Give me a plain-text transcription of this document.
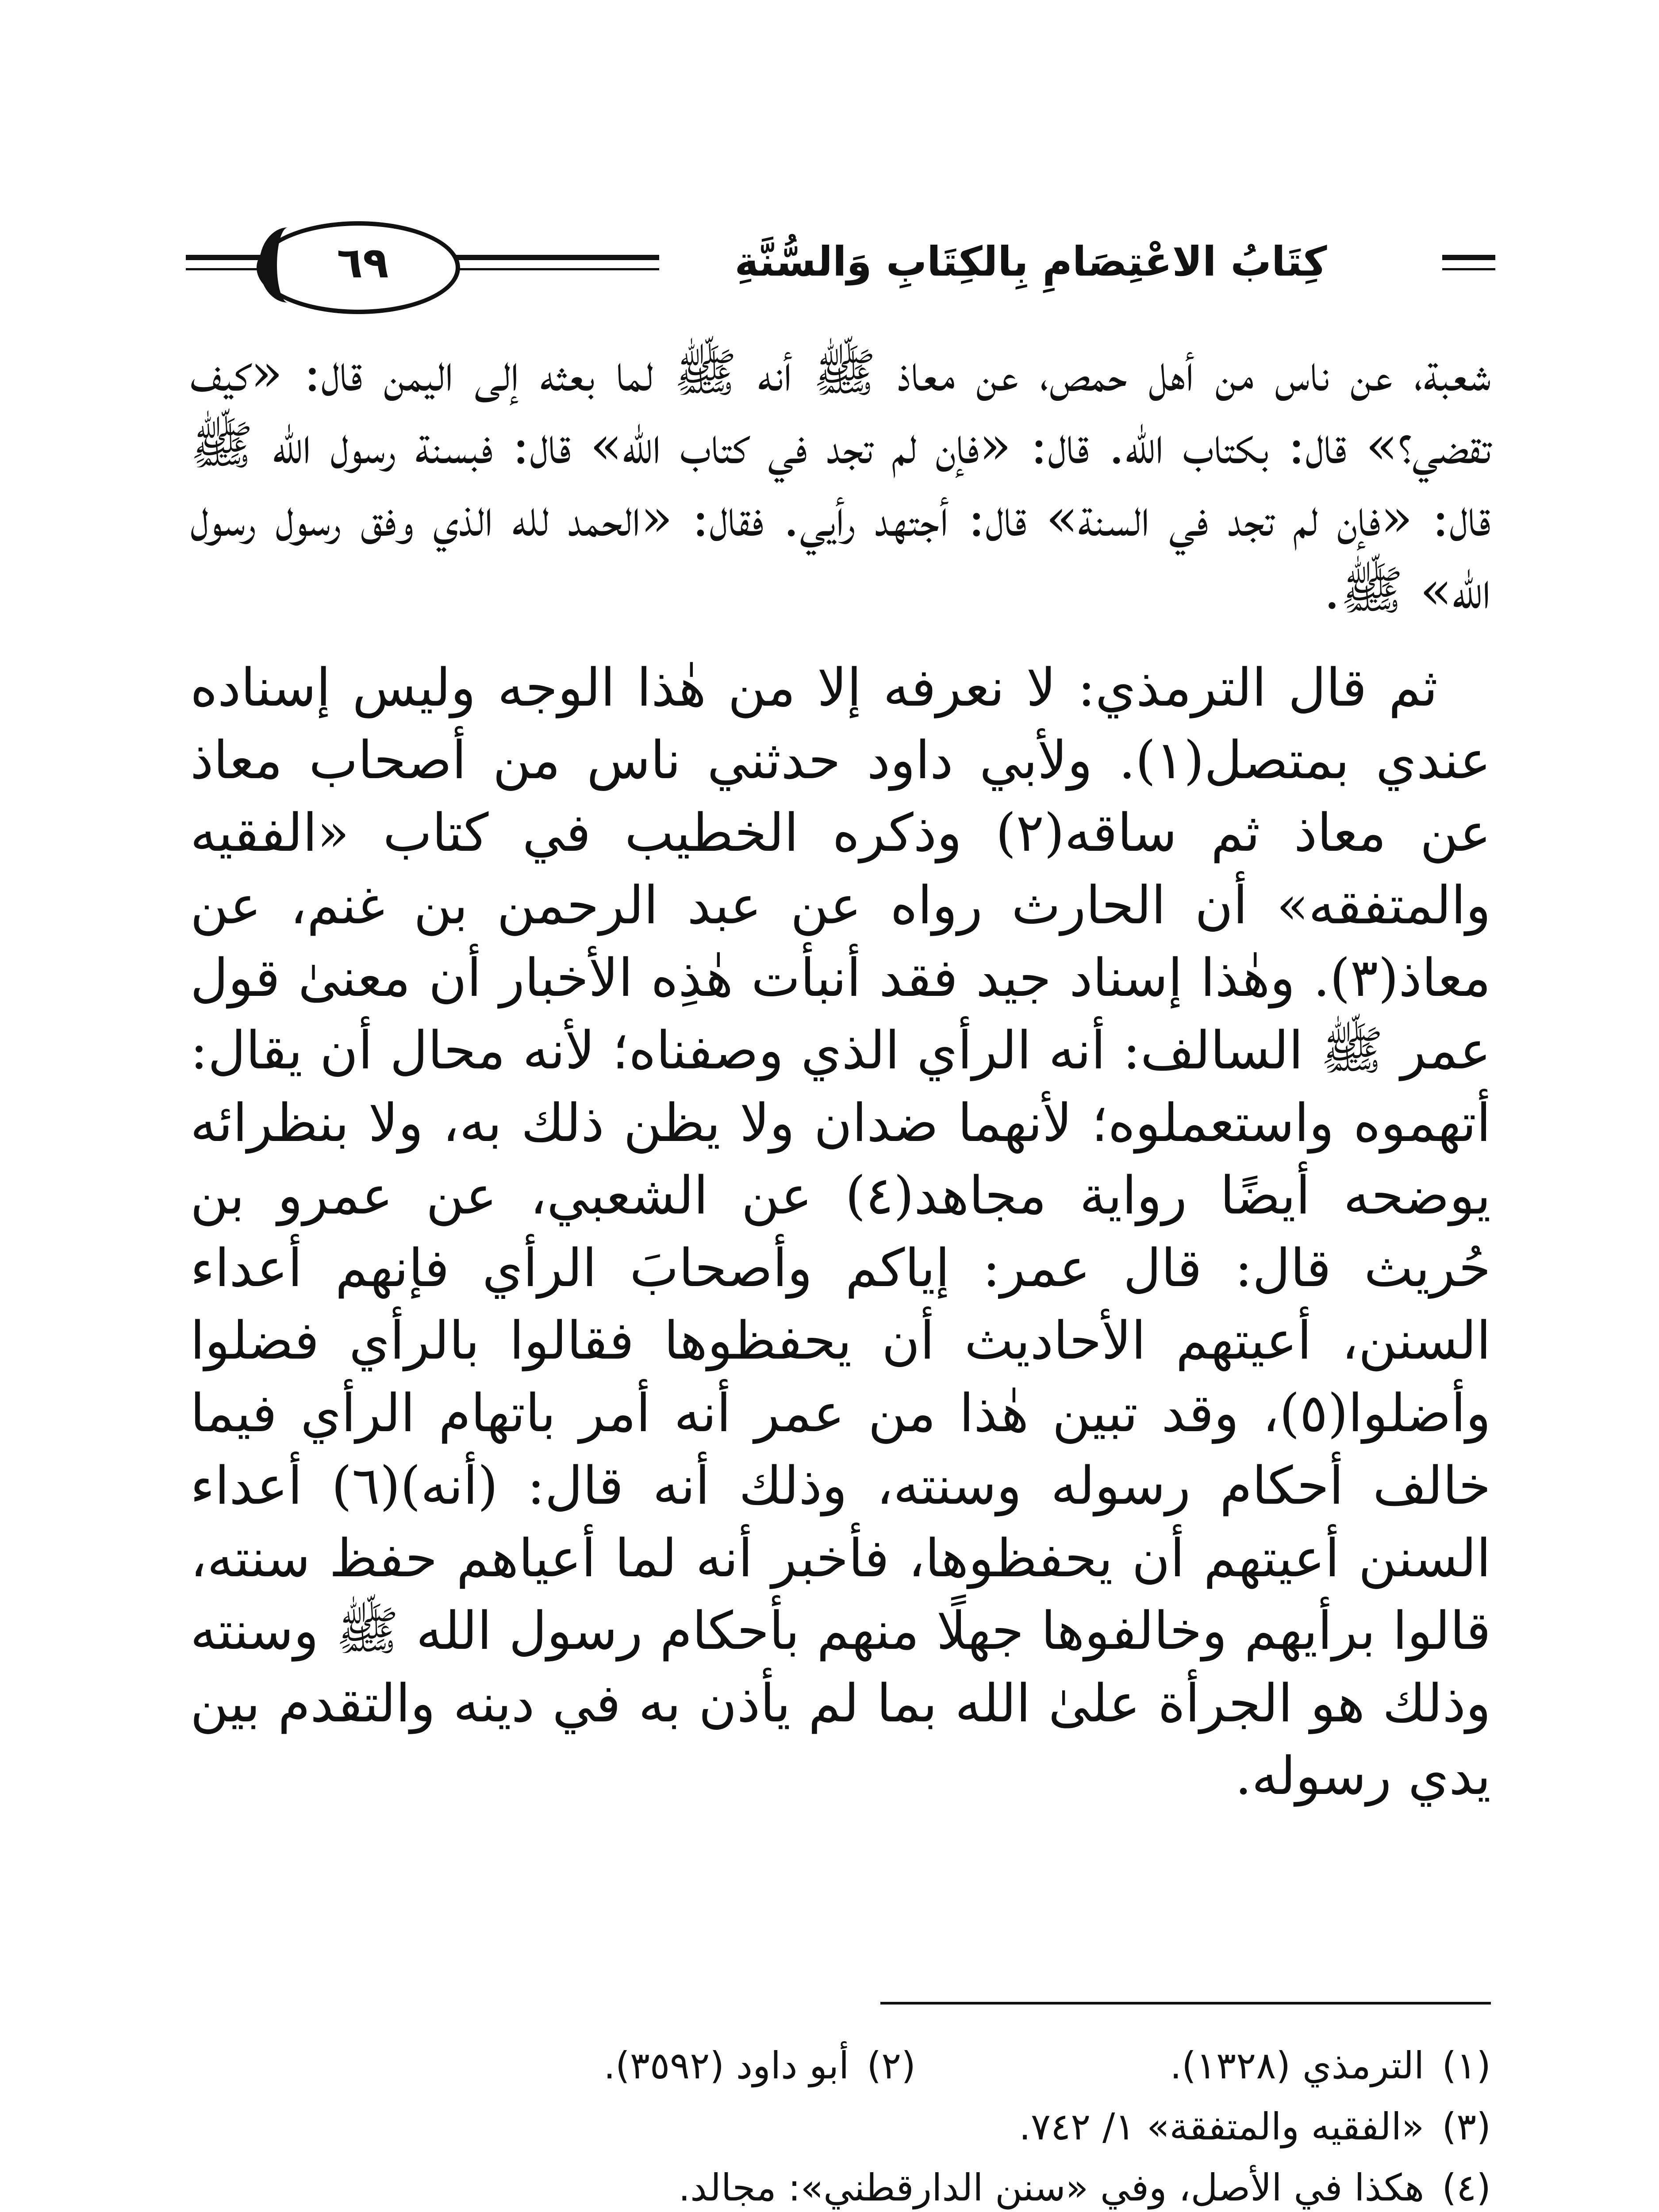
كِتَابُ الاعْتِصَامِ بِالكِتَابِ وَالسُّنَّةِ
٦٩

شعبة، عن ناس من أهل حمص، عن معاذ ﷺ أنه ﷺ لما بعثه إلى اليمن قال: «كيف تقضي؟» قال: بكتاب الله. قال: «فإن لم تجد في كتاب الله» قال: فبسنة رسول الله ﷺ قال: «فإن لم تجد في السنة» قال: أجتهد رأيي. فقال: «الحمد لله الذي وفق رسول رسول الله» ﷺ.

ثم قال الترمذي: لا نعرفه إلا من هٰذا الوجه وليس إسناده عندي بمتصل(١). ولأبي داود حدثني ناس من أصحاب معاذ عن معاذ ثم ساقه(٢) وذكره الخطيب في كتاب «الفقيه والمتفقه» أن الحارث رواه عن عبد الرحمن بن غنم، عن معاذ(٣). وهٰذا إسناد جيد فقد أنبأت هٰذِه الأخبار أن معنىٰ قول عمر ﷺ السالف: أنه الرأي الذي وصفناه؛ لأنه محال أن يقال: أتهموه واستعملوه؛ لأنهما ضدان ولا يظن ذلك به، ولا بنظرائه يوضحه أيضًا رواية مجاهد(٤) عن الشعبي، عن عمرو بن حُريث قال: قال عمر: إياكم وأصحابَ الرأي فإنهم أعداء السنن، أعيتهم الأحاديث أن يحفظوها فقالوا بالرأي فضلوا وأضلوا(٥)، وقد تبين هٰذا من عمر أنه أمر باتهام الرأي فيما خالف أحكام رسوله وسنته، وذلك أنه قال: (أنه)(٦) أعداء السنن أعيتهم أن يحفظوها، فأخبر أنه لما أعياهم حفظ سنته، قالوا برأيهم وخالفوها جهلًا منهم بأحكام رسول الله ﷺ وسنته وذلك هو الجرأة علىٰ الله بما لم يأذن به في دينه والتقدم بين يدي رسوله.

(١)الترمذي (١٣٢٨).
(٢)أبو داود (٣٥٩٢).
(٣)«الفقيه والمتفقة» ١/ ٧٤٢.
(٤)هكذا في الأصل، وفي «سنن الدارقطني»: مجالد.
